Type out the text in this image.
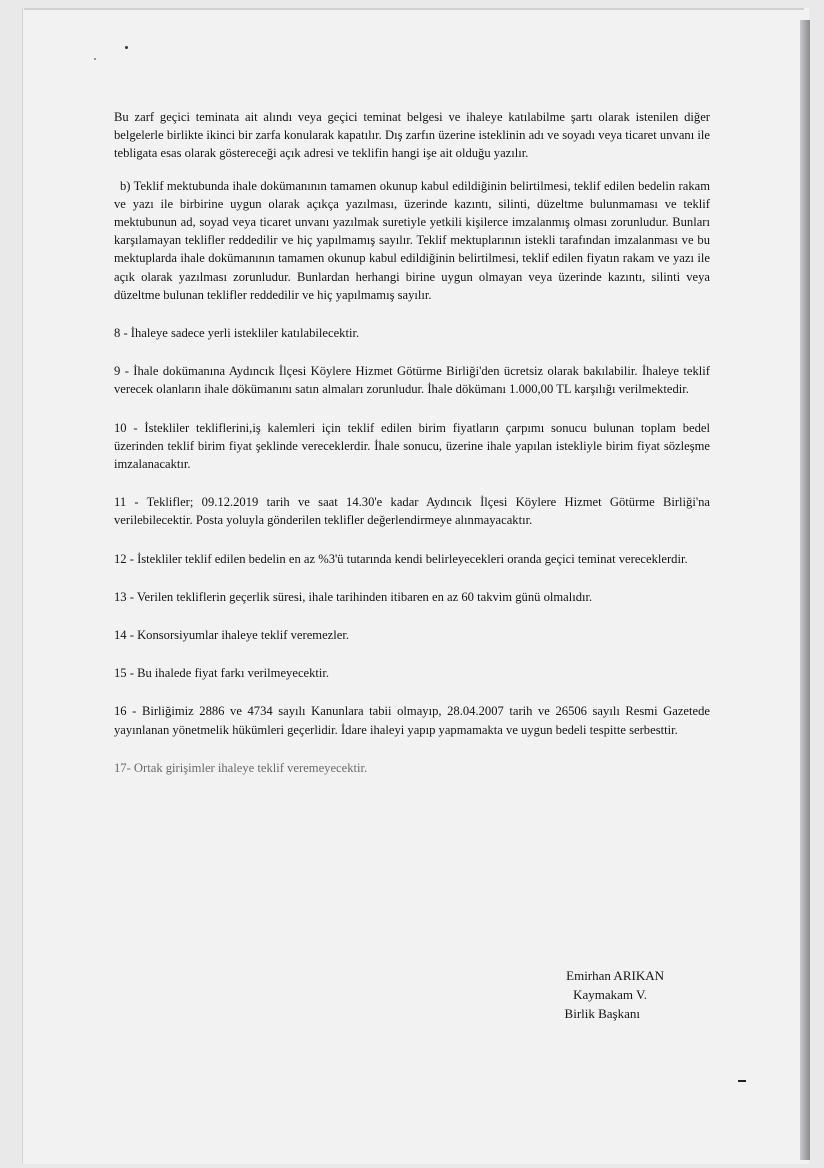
Bu zarf geçici teminata ait alındı veya geçici teminat belgesi ve ihaleye katılabilme şartı olarak istenilen diğer belgelerle birlikte ikinci bir zarfa konularak kapatılır. Dış zarfın üzerine isteklinin adı ve soyadı veya ticaret unvanı ile tebligata esas olarak göstereceği açık adresi ve teklifin hangi işe ait olduğu yazılır.

b) Teklif mektubunda ihale dokümanının tamamen okunup kabul edildiğinin belirtilmesi, teklif edilen bedelin rakam ve yazı ile birbirine uygun olarak açıkça yazılması, üzerinde kazıntı, silinti, düzeltme bulunmaması ve teklif mektubunun ad, soyad veya ticaret unvanı yazılmak suretiyle yetkili kişilerce imzalanmış olması zorunludur. Bunları karşılamayan teklifler reddedilir ve hiç yapılmamış sayılır. Teklif mektuplarının istekli tarafından imzalanması ve bu mektuplarda ihale dokümanının tamamen okunup kabul edildiğinin belirtilmesi, teklif edilen fiyatın rakam ve yazı ile açık olarak yazılması zorunludur. Bunlardan herhangi birine uygun olmayan veya üzerinde kazıntı, silinti veya düzeltme bulunan teklifler reddedilir ve hiç yapılmamış sayılır.

8 - İhaleye sadece yerli istekliler katılabilecektir.

9 - İhale dokümanına Aydıncık İlçesi Köylere Hizmet Götürme Birliği'den ücretsiz olarak bakılabilir. İhaleye teklif verecek olanların ihale dökümanını satın almaları zorunludur. İhale dökümanı 1.000,00 TL karşılığı verilmektedir.

10 - İstekliler tekliflerini,iş kalemleri için teklif edilen birim fiyatların çarpımı sonucu bulunan toplam bedel üzerinden teklif birim fiyat şeklinde vereceklerdir. İhale sonucu, üzerine ihale yapılan istekliyle birim fiyat sözleşme imzalanacaktır.

11 - Teklifler; 09.12.2019 tarih ve saat 14.30'e kadar Aydıncık İlçesi Köylere Hizmet Götürme Birliği'na verilebilecektir. Posta yoluyla gönderilen teklifler değerlendirmeye alınmayacaktır.

12 - İstekliler teklif edilen bedelin en az %3'ü tutarında kendi belirleyecekleri oranda geçici teminat vereceklerdir.

13 - Verilen tekliflerin geçerlik süresi, ihale tarihinden itibaren en az 60 takvim günü olmalıdır.

14 - Konsorsiyumlar ihaleye teklif veremezler.

15 - Bu ihalede fiyat farkı verilmeyecektir.

16 - Birliğimiz 2886 ve 4734 sayılı Kanunlara tabii olmayıp, 28.04.2007 tarih ve 26506 sayılı Resmi Gazetede yayınlanan yönetmelik hükümleri geçerlidir. İdare ihaleyi yapıp yapmamakta ve uygun bedeli tespitte serbesttir.

17- Ortak girişimler ihaleye teklif veremeyecektir.

Emirhan ARIKAN
Kaymakam V.
Birlik Başkanı
